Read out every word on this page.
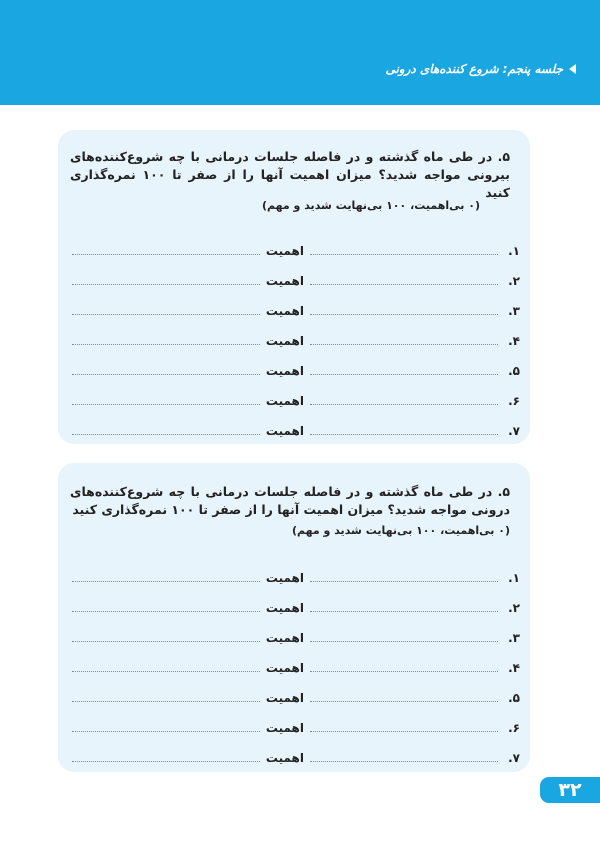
جلسه پنجم: شروع کننده‌های درونی
۵. در طی ماه گذشته و در فاصله جلسات درمانی با چه شروع‌کننده‌های بیرونی مواجه شدید؟ میزان اهمیت آنها را از صفر تا ۱۰۰ نمره‌گذاری کنید
(۰ بی‌اهمیت، ۱۰۰ بی‌نهایت شدید و مهم)
۱.
اهمیت
۲.
اهمیت
۳.
اهمیت
۴.
اهمیت
۵.
اهمیت
۶.
اهمیت
۷.
اهمیت
۵. در طی ماه گذشته و در فاصله جلسات درمانی با چه شروع‌کننده‌های درونی مواجه شدید؟ میزان اهمیت آنها را از صفر تا ۱۰۰ نمره‌گذاری کنید
(۰ بی‌اهمیت، ۱۰۰ بی‌نهایت شدید و مهم)
۱.
اهمیت
۲.
اهمیت
۳.
اهمیت
۴.
اهمیت
۵.
اهمیت
۶.
اهمیت
۷.
اهمیت
۳۲
